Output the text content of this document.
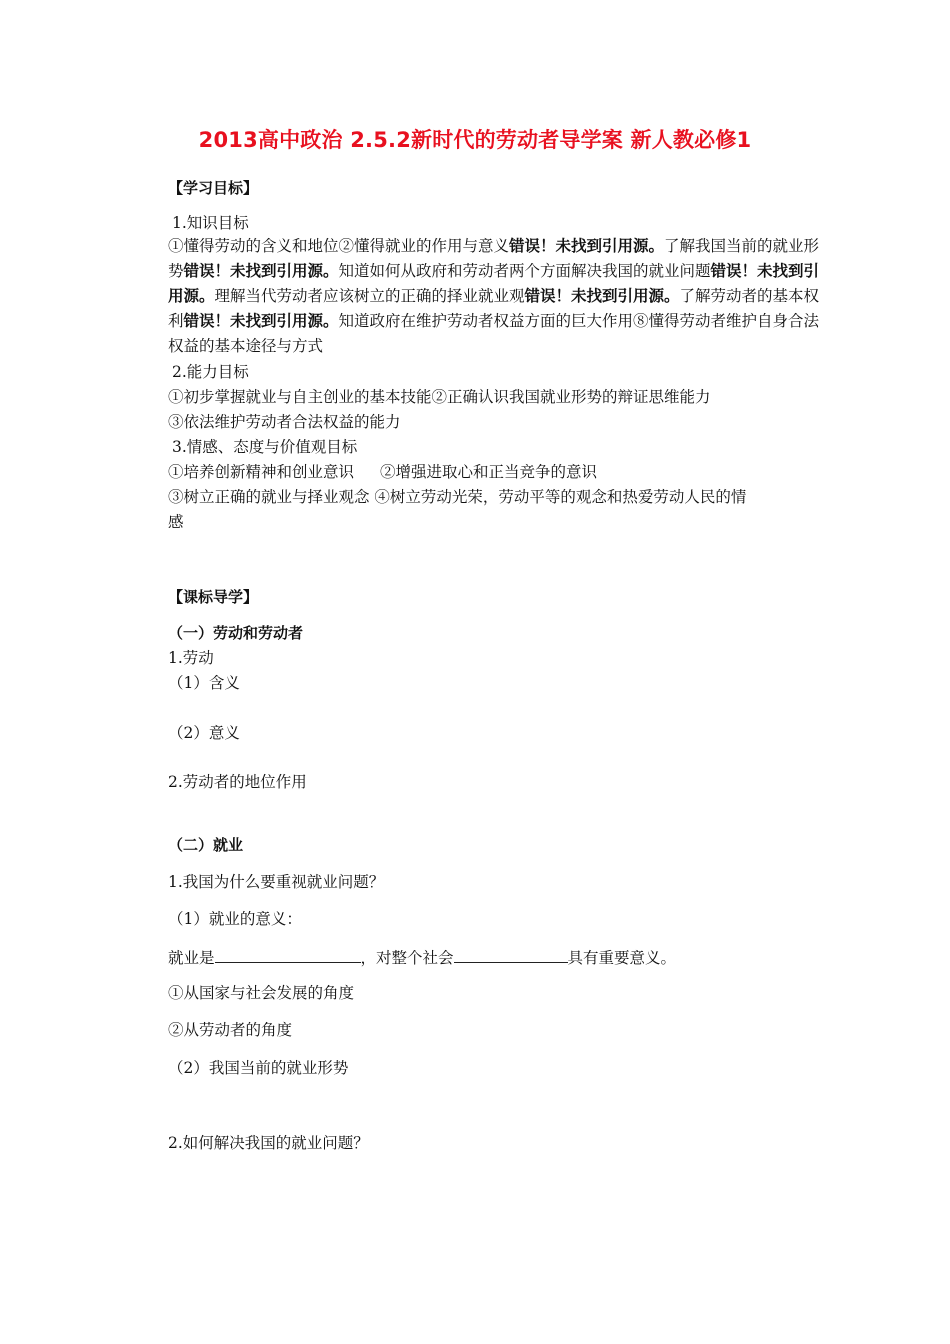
2013高中政治 2.5.2新时代的劳动者导学案 新人教必修1
【学习目标】
1.知识目标
①懂得劳动的含义和地位②懂得就业的作用与意义错误！未找到引用源。了解我国当前的就业形势错误！未找到引用源。知道如何从政府和劳动者两个方面解决我国的就业问题错误！未找到引用源。理解当代劳动者应该树立的正确的择业就业观错误！未找到引用源。了解劳动者的基本权利错误！未找到引用源。知道政府在维护劳动者权益方面的巨大作用⑧懂得劳动者维护自身合法权益的基本途径与方式
2.能力目标
①初步掌握就业与自主创业的基本技能②正确认识我国就业形势的辩证思维能力
③依法维护劳动者合法权益的能力
3.情感、态度与价值观目标
①培养创新精神和创业意识 ②增强进取心和正当竞争的意识
③树立正确的就业与择业观念 ④树立劳动光荣，劳动平等的观念和热爱劳动人民的情
感
【课标导学】
（一）劳动和劳动者
1.劳动
（1）含义
（2）意义
2.劳动者的地位作用
（二）就业
1.我国为什么要重视就业问题？
（1）就业的意义：
就业是	，对整个社会	具有重要意义。
①从国家与社会发展的角度
②从劳动者的角度
（2）我国当前的就业形势
2.如何解决我国的就业问题？
